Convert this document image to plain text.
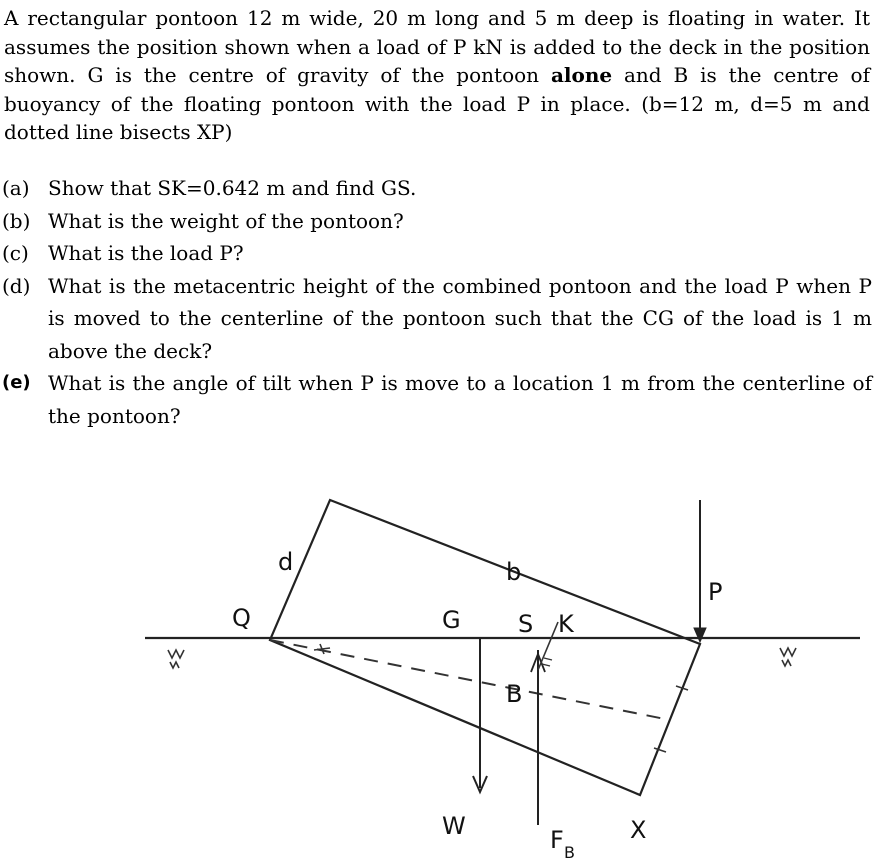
A rectangular pontoon 12 m wide, 20 m long and 5 m deep is floating in water. It assumes the position shown when a load of P kN is added to the deck in the position shown. G is the centre of gravity of the pontoon alone and B is the centre of buoyancy of the floating pontoon with the load P in place. (b=12 m, d=5 m and dotted line bisects XP)
(a) Show that SK=0.642 m and find GS.
(b) What is the weight of the pontoon?
(c) What is the load P?
(d) What is the metacentric height of the combined pontoon and the load P when P is moved to the centerline of the pontoon such that the CG of the load is 1 m above the deck?
(e) What is the angle of tilt when P is move to a location 1 m from the centerline of the pontoon?
d	b
Q	G S K
B
P
W	F B
X
